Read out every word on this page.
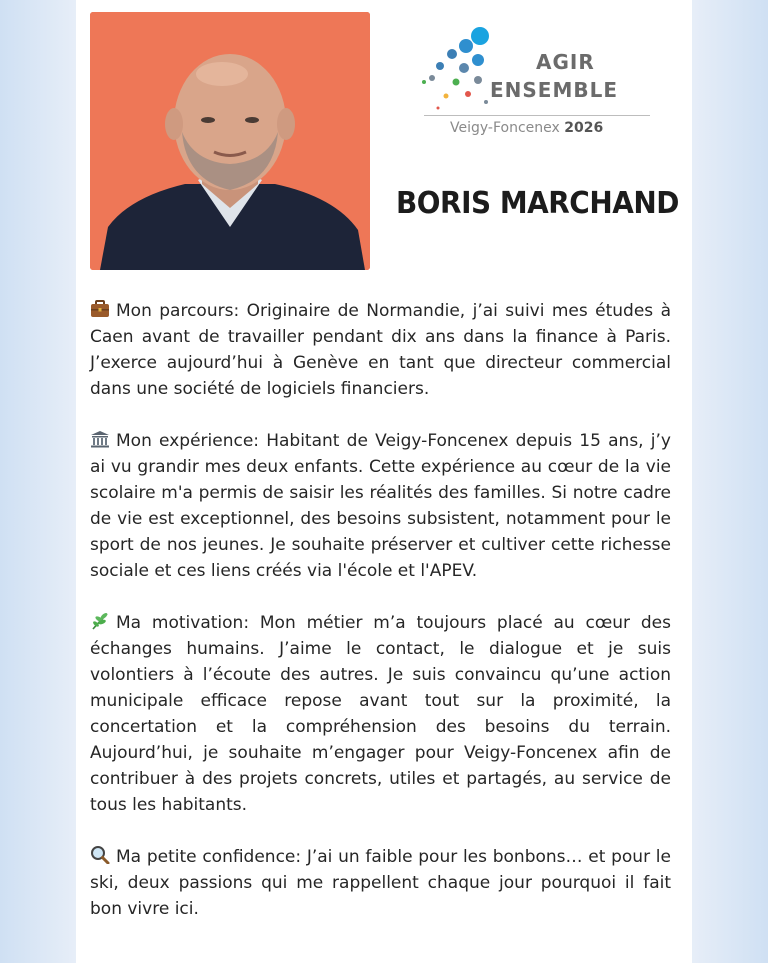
AGIR
ENSEMBLE
Veigy-Foncenex 2026
BORIS MARCHAND
Mon parcours: Originaire de Normandie, j’ai suivi mes études à Caen avant de travailler pendant dix ans dans la finance à Paris. J’exerce aujourd’hui à Genève en tant que directeur commercial dans une société de logiciels financiers.
Mon expérience: Habitant de Veigy-Foncenex depuis 15 ans, j’y ai vu grandir mes deux enfants. Cette expérience au cœur de la vie scolaire m'a permis de saisir les réalités des familles. Si notre cadre de vie est exceptionnel, des besoins subsistent, notamment pour le sport de nos jeunes. Je souhaite préserver et cultiver cette richesse sociale et ces liens créés via l'école et l'APEV.
Ma motivation: Mon métier m’a toujours placé au cœur des échanges humains. J’aime le contact, le dialogue et je suis volontiers à l’écoute des autres. Je suis convaincu qu’une action municipale efficace repose avant tout sur la proximité, la concertation et la compréhension des besoins du terrain. Aujourd’hui, je souhaite m’engager pour Veigy-Foncenex afin de contribuer à des projets concrets, utiles et partagés, au service de tous les habitants.
Ma petite confidence: J’ai un faible pour les bonbons… et pour le ski, deux passions qui me rappellent chaque jour pourquoi il fait bon vivre ici.
